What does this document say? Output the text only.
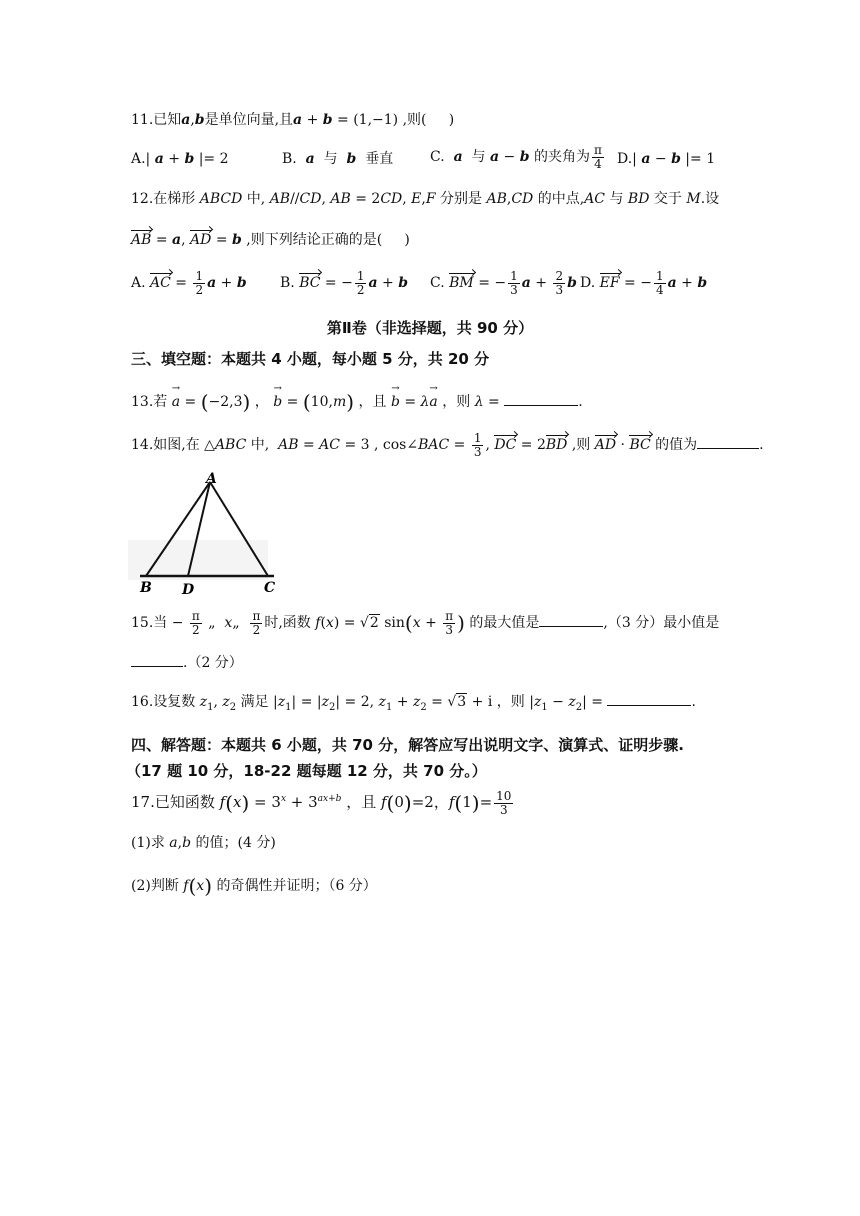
11.已知a,b是单位向量,且a + b = (1,−1) ,则(     )
A.| a + b |= 2	B.  a  与  b  垂直	C.  a  与 a − b 的夹角为 $\frac{\pi}{4} D.|$ a − b |= 1
12.在梯形 ABCD 中, AB//CD, AB = 2CD, E,F 分别是 AB,CD 的中点,AC 与 BD 交于 M.设
AB = a, AD = b ,则下列结论正确的是(     )
A. AC = $\frac{1}{2}$ a + b B. BC = − $\frac{1}{2}$ a + b C. BM = − $\frac{1}{3}$ $a + \frac{2}{3}$ b D. EF = − $\frac{1}{4}$ a + b
第Ⅱ卷（非选择题，共 90 分）
三、填空题：本题共 4 小题，每小题 5 分，共 20 分
13.若 a → = (−2,3) ， b → = (10,m) ，且 b → = λa → ，则 λ =	.
14.如图,在 △ABC 中,  AB = AC = 3 , cos∠BAC = $\frac{1}{3}$ , DC = 2BD ,则 AD · BC 的值为	.
A
B D	C
15.当 − $\frac{\pi}{2}$ „  x„ $\frac{\pi}{2}$ 时,函数 f(x) = √2 $\sin(x + \frac{\pi}{3}$ ) 的最大值是	,（3 分）最小值是
.（2 分）
16.设复数 $z_1$, $z_2$ 满足 $|z_1| = |z_2| = 2$, $z_1 + z_2 = √3 + i$ ，则 $|z_1 - z_2|$ =	.
四、解答题：本题共 6 小题，共 70 分，解答应写出说明文字、演算式、证明步骤.
（17 题 10 分，18-22 题每题 12 分，共 70 分。）
17.已知函数 $f(x) = 3^x + 3^{ax+b}$ ，且 f(0)=2，$f(1)= \frac{10}{3}$
(1)求 a,b 的值；(4 分)
(2)判断 f(x) 的奇偶性并证明；（6 分）
